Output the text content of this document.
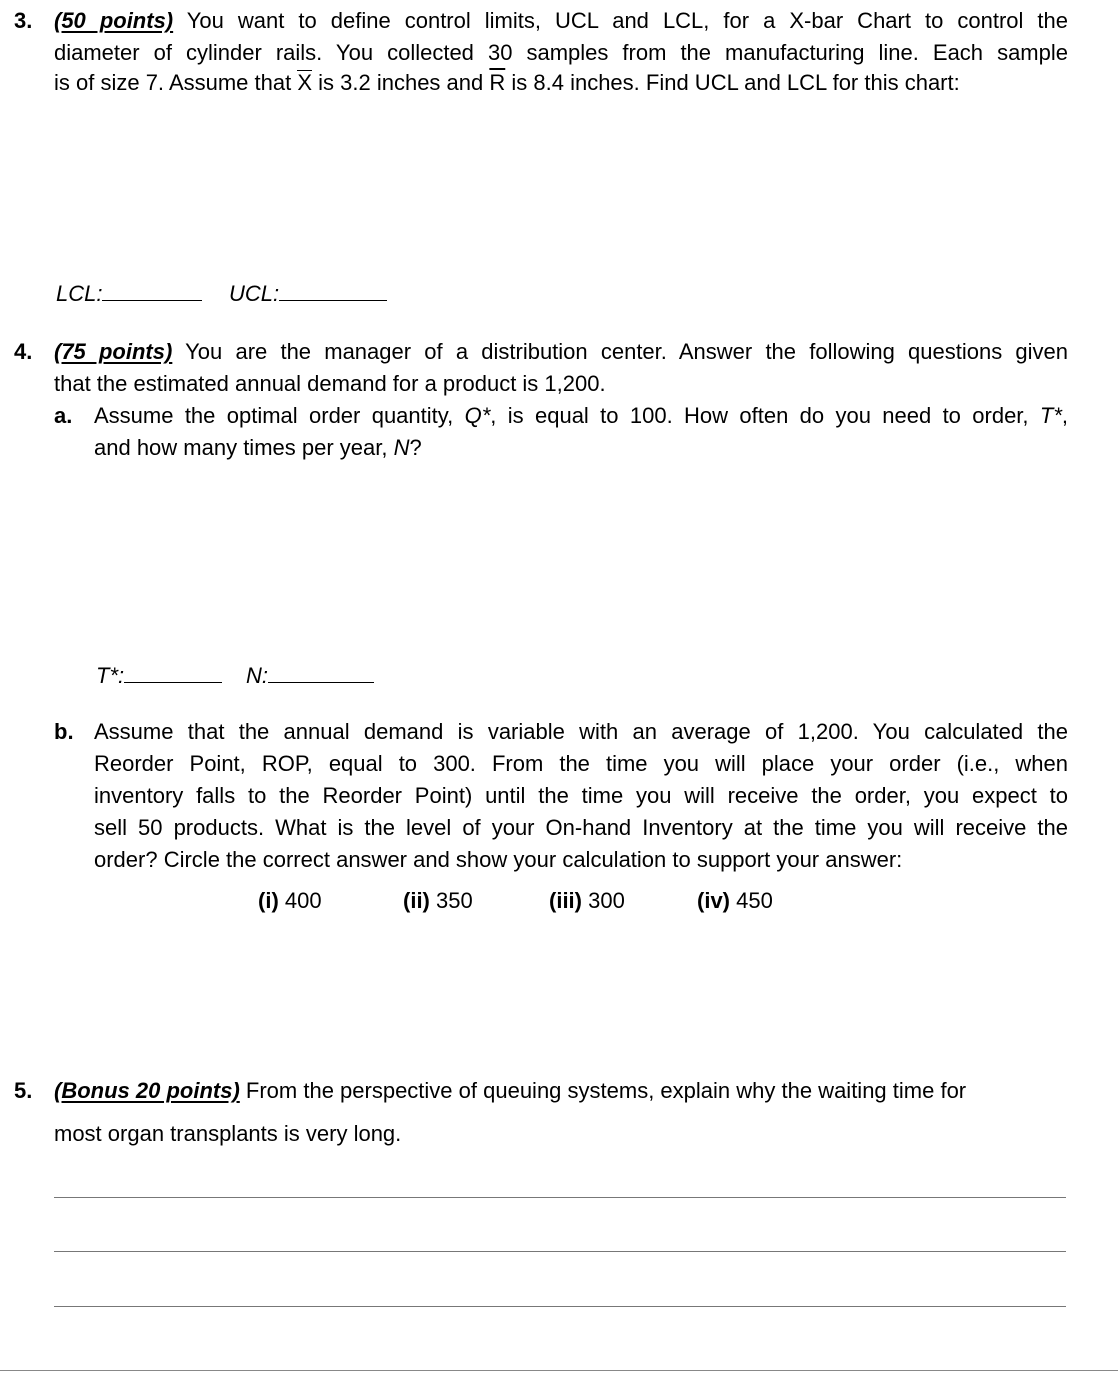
3. (50 points) You want to define control limits, UCL and LCL, for a X-bar Chart to control the
diameter of cylinder rails. You collected 30 samples from the manufacturing line. Each sample
is of size 7. Assume that $\overline{X}$ is 3.2 inches and $\overline{R}$ is 8.4 inches. Find UCL and LCL for this chart:
LCL:	UCL:
4. (75 points) You are the manager of a distribution center. Answer the following questions given
that the estimated annual demand for a product is 1,200.
a. Assume the optimal order quantity, Q*, is equal to 100. How often do you need to order, T*,
and how many times per year, N?
T*:	N:
b. Assume that the annual demand is variable with an average of 1,200. You calculated the
Reorder Point, ROP, equal to 300. From the time you will place your order (i.e., when
inventory falls to the Reorder Point) until the time you will receive the order, you expect to
sell 50 products. What is the level of your On-hand Inventory at the time you will receive the
order? Circle the correct answer and show your calculation to support your answer:
(i) 400	(ii) 350	(iii) 300	(iv) 450
5. (Bonus 20 points) From the perspective of queuing systems, explain why the waiting time for
most organ transplants is very long.
